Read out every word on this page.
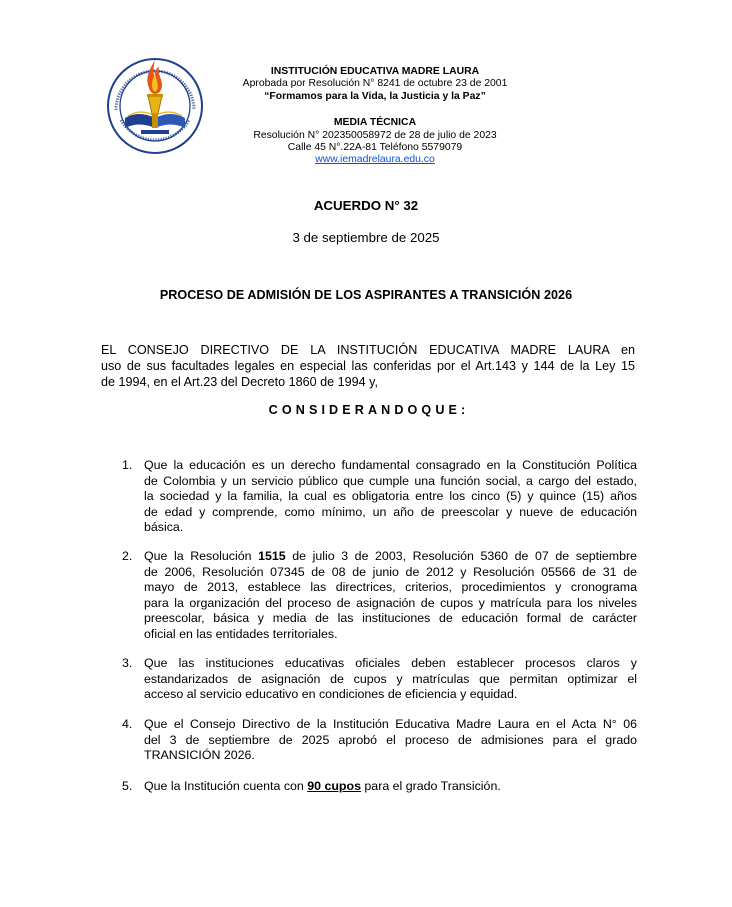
INSTITUCIÓN EDUCATIVA MADRE LAURA
Aprobada por Resolución N° 8241 de octubre 23 de 2001
“Formamos para la Vida, la Justicia y la Paz”
MEDIA TÉCNICA
Resolución N° 202350058972 de 28 de julio de 2023
Calle 45 N°.22A-81 Teléfono 5579079
www.iemadrelaura.edu.co
ACUERDO N° 32
3 de septiembre de 2025
PROCESO DE ADMISIÓN DE LOS ASPIRANTES A TRANSICIÓN 2026
EL CONSEJO DIRECTIVO DE LA INSTITUCIÓN EDUCATIVA MADRE LAURA en
uso de sus facultades legales en especial las conferidas por el Art.143 y 144 de la Ley 15
de 1994, en el Art.23 del Decreto 1860 de 1994 y,
CONSIDERANDOQUE:
1. Que la educación es un derecho fundamental consagrado en la Constitución Política
de Colombia y un servicio público que cumple una función social, a cargo del estado,
la sociedad y la familia, la cual es obligatoria entre los cinco (5) y quince (15) años
de edad y comprende, como mínimo, un año de preescolar y nueve de educación
básica.
2. Que la Resolución 1515 de julio 3 de 2003, Resolución 5360 de 07 de septiembre
de 2006, Resolución 07345 de 08 de junio de 2012 y Resolución 05566 de 31 de
mayo de 2013, establece las directrices, criterios, procedimientos y cronograma
para la organización del proceso de asignación de cupos y matrícula para los niveles
preescolar, básica y media de las instituciones de educación formal de carácter
oficial en las entidades territoriales.
3. Que las instituciones educativas oficiales deben establecer procesos claros y
estandarizados de asignación de cupos y matrículas que permitan optimizar el
acceso al servicio educativo en condiciones de eficiencia y equidad.
4. Que el Consejo Directivo de la Institución Educativa Madre Laura en el Acta N° 06
del 3 de septiembre de 2025 aprobó el proceso de admisiones para el grado
TRANSICIÓN 2026.
5. Que la Institución cuenta con 90 cupos para el grado Transición.
